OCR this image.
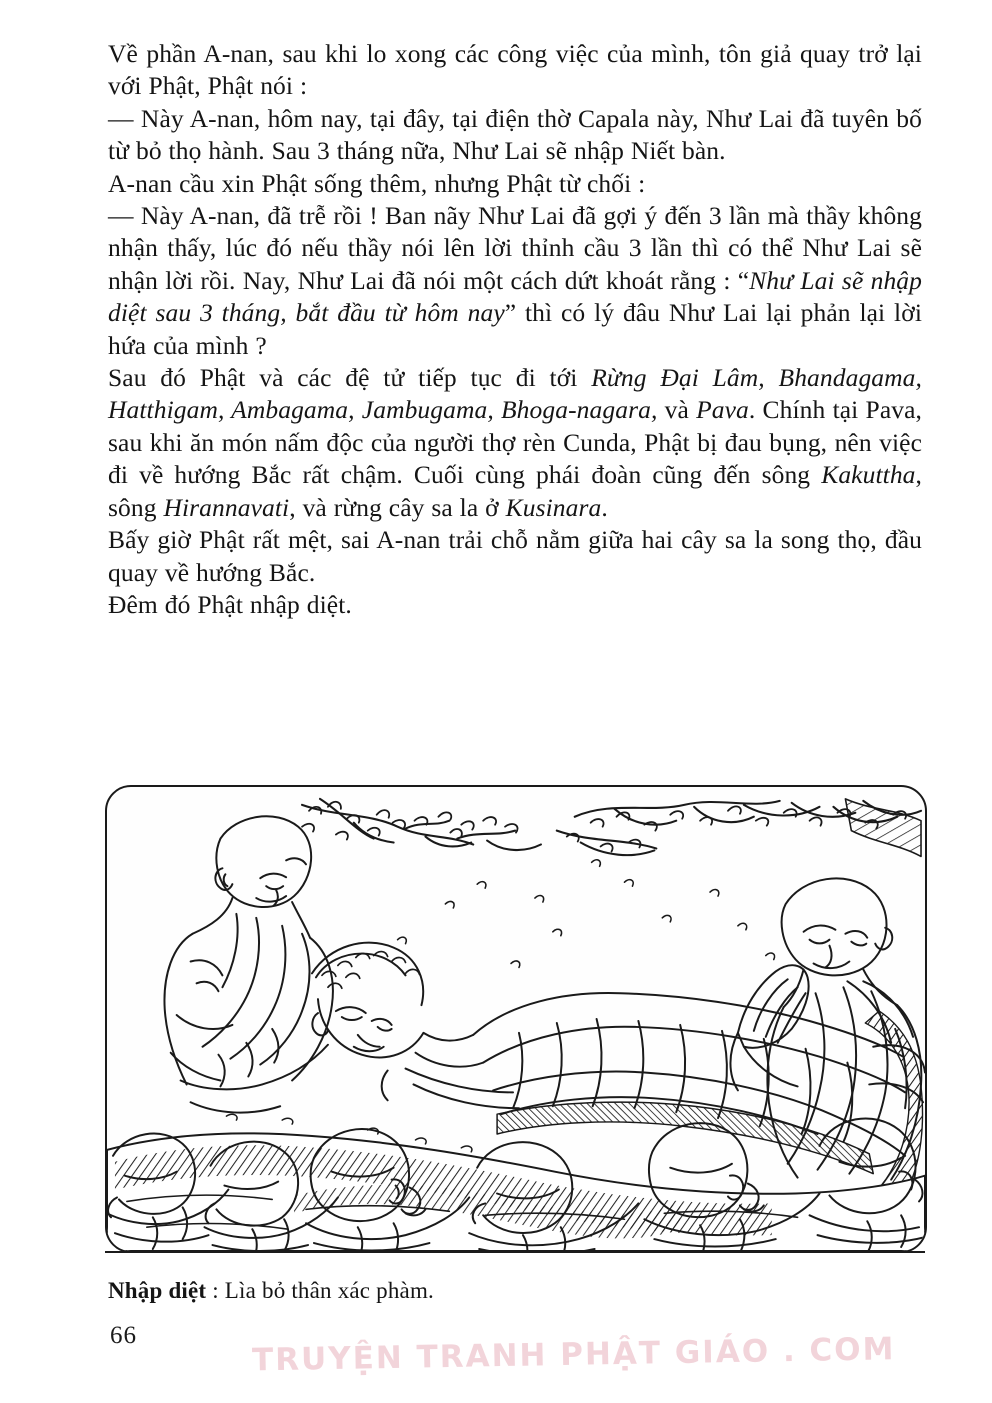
Về phần A-nan, sau khi lo xong các công việc của mình, tôn giả quay trở lại với Phật, Phật nói :

— Này A-nan, hôm nay, tại đây, tại điện thờ Capala này, Như Lai đã tuyên bố từ bỏ thọ hành. Sau 3 tháng nữa, Như Lai sẽ nhập Niết bàn.

A-nan cầu xin Phật sống thêm, nhưng Phật từ chối :

— Này A-nan, đã trễ rồi ! Ban nãy Như Lai đã gợi ý đến 3 lần mà thầy không nhận thấy, lúc đó nếu thầy nói lên lời thỉnh cầu 3 lần thì có thể Như Lai sẽ nhận lời rồi. Nay, Như Lai đã nói một cách dứt khoát rằng : “Như Lai sẽ nhập diệt sau 3 tháng, bắt đầu từ hôm nay” thì có lý đâu Như Lai lại phản lại lời hứa của mình ?

Sau đó Phật và các đệ tử tiếp tục đi tới Rừng Đại Lâm, Bhandagama, Hatthigam, Ambagama, Jambugama, Bhoga-nagara, và Pava. Chính tại Pava, sau khi ăn món nấm độc của người thợ rèn Cunda, Phật bị đau bụng, nên việc đi về hướng Bắc rất chậm. Cuối cùng phái đoàn cũng đến sông Kakuttha, sông Hirannavati, và rừng cây sa la ở Kusinara.

Bấy giờ Phật rất mệt, sai A-nan trải chỗ nằm giữa hai cây sa la song thọ, đầu quay về hướng Bắc.

Đêm đó Phật nhập diệt.

Nhập diệt : Lìa bỏ thân xác phàm.
66	TRUYỆN TRANH PHẬT GIÁO . COM
